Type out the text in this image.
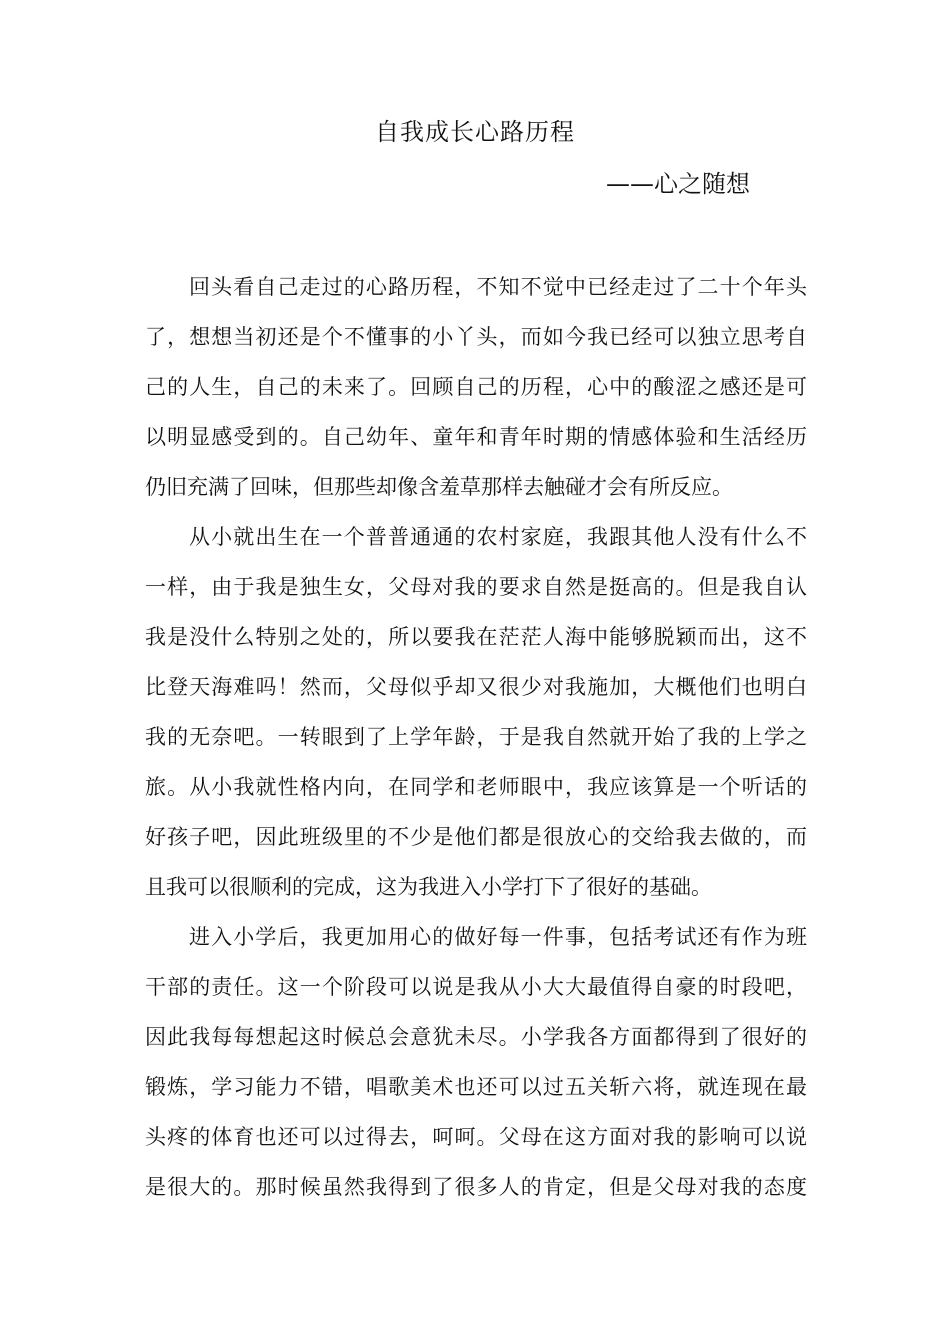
自我成长心路历程
——心之随想
回头看自己走过的心路历程，不知不觉中已经走过了二十个年头
了，想想当初还是个不懂事的小丫头，而如今我已经可以独立思考自
己的人生，自己的未来了。回顾自己的历程，心中的酸涩之感还是可
以明显感受到的。自己幼年、童年和青年时期的情感体验和生活经历
仍旧充满了回味，但那些却像含羞草那样去触碰才会有所反应。
从小就出生在一个普普通通的农村家庭，我跟其他人没有什么不
一样，由于我是独生女，父母对我的要求自然是挺高的。但是我自认
我是没什么特别之处的，所以要我在茫茫人海中能够脱颖而出，这不
比登天海难吗！然而，父母似乎却又很少对我施加，大概他们也明白
我的无奈吧。一转眼到了上学年龄，于是我自然就开始了我的上学之
旅。从小我就性格内向，在同学和老师眼中，我应该算是一个听话的
好孩子吧，因此班级里的不少是他们都是很放心的交给我去做的，而
且我可以很顺利的完成，这为我进入小学打下了很好的基础。
进入小学后，我更加用心的做好每一件事，包括考试还有作为班
干部的责任。这一个阶段可以说是我从小大大最值得自豪的时段吧，
因此我每每想起这时候总会意犹未尽。小学我各方面都得到了很好的
锻炼，学习能力不错，唱歌美术也还可以过五关斩六将，就连现在最
头疼的体育也还可以过得去，呵呵。父母在这方面对我的影响可以说
是很大的。那时候虽然我得到了很多人的肯定，但是父母对我的态度
